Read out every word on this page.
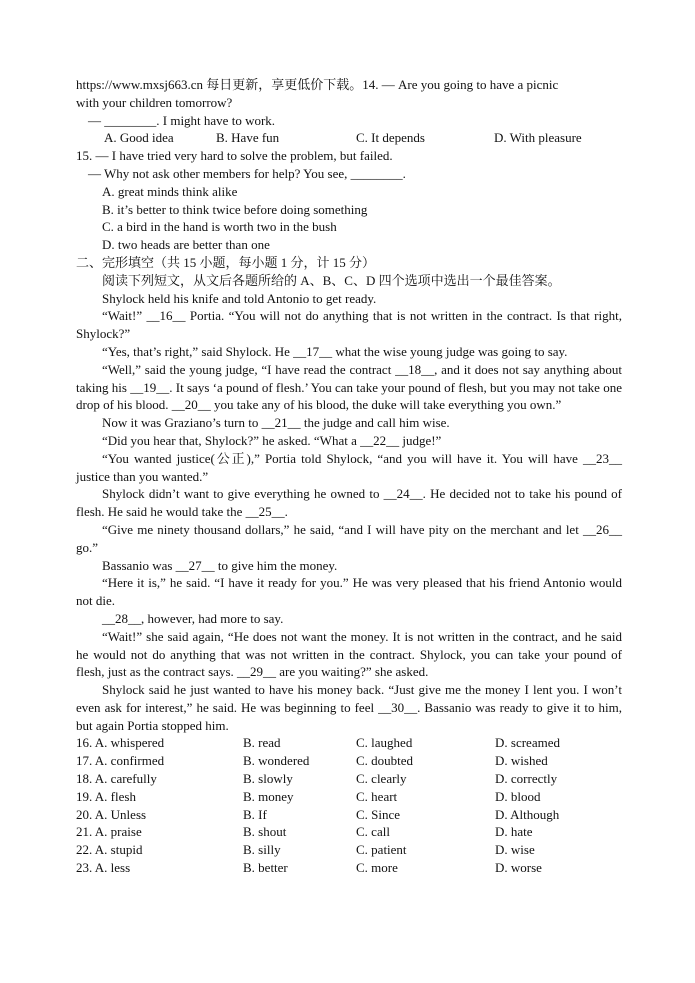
https://www.mxsj663.cn 每日更新，享更低价下载。14. — Are you going to have a picnic

with your children tomorrow?

— ________. I might have to work.

A. Good idea	B. Have fun	C. It depends	D. With pleasure

15. — I have tried very hard to solve the problem, but failed.

— Why not ask other members for help? You see, ________.

A. great minds think alike

B. it’s better to think twice before doing something

C. a bird in the hand is worth two in the bush

D. two heads are better than one

二、完形填空（共 15 小题，每小题 1 分，计 15 分）

阅读下列短文，从文后各题所给的 A、B、C、D 四个选项中选出一个最佳答案。

Shylock held his knife and told Antonio to get ready.

“Wait!” __16__ Portia. “You will not do anything that is not written in the contract. Is that right, Shylock?”

“Yes, that’s right,” said Shylock. He __17__ what the wise young judge was going to say.

“Well,” said the young judge, “I have read the contract __18__, and it does not say anything about taking his __19__. It says ‘a pound of flesh.’ You can take your pound of flesh, but you may not take one drop of his blood. __20__ you take any of his blood, the duke will take everything you own.”

Now it was Graziano’s turn to __21__ the judge and call him wise.

“Did you hear that, Shylock?” he asked. “What a __22__ judge!”

“You wanted justice(公正),” Portia told Shylock, “and you will have it. You will have __23__ justice than you wanted.”

Shylock didn’t want to give everything he owned to __24__. He decided not to take his pound of flesh. He said he would take the __25__.

“Give me ninety thousand dollars,” he said, “and I will have pity on the merchant and let __26__ go.”

Bassanio was __27__ to give him the money.

“Here it is,” he said. “I have it ready for you.” He was very pleased that his friend Antonio would not die.

__28__, however, had more to say.

“Wait!” she said again, “He does not want the money. It is not written in the contract, and he said he would not do anything that was not written in the contract. Shylock, you can take your pound of flesh, just as the contract says. __29__ are you waiting?” she asked.

Shylock said he just wanted to have his money back. “Just give me the money I lent you. I won’t even ask for interest,” he said. He was beginning to feel __30__. Bassanio was ready to give it to him, but again Portia stopped him.

16. A. whispered	B. read	C. laughed	D. screamed
17. A. confirmed	B. wondered	C. doubted	D. wished
18. A. carefully	B. slowly	C. clearly	D. correctly
19. A. flesh	B. money	C. heart	D. blood
20. A. Unless	B. If	C. Since	D. Although
21. A. praise	B. shout	C. call	D. hate
22. A. stupid	B. silly	C. patient	D. wise
23. A. less	B. better	C. more	D. worse
